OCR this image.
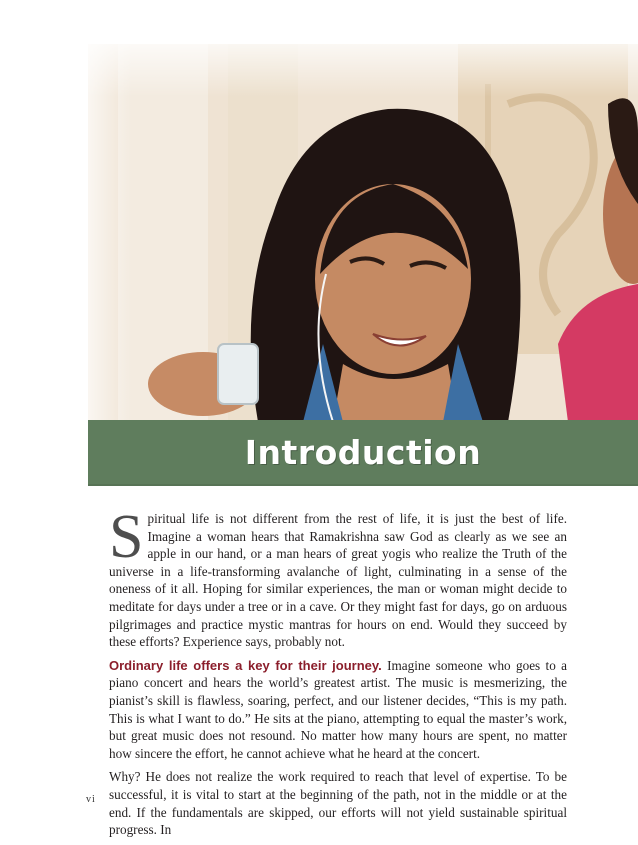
Introduction

Spiritual life is not different from the rest of life, it is just the best of life. Imagine a woman hears that Ramakrishna saw God as clearly as we see an apple in our hand, or a man hears of great yogis who realize the Truth of the universe in a life-transforming avalanche of light, culminating in a sense of the oneness of it all. Hoping for similar experiences, the man or woman might decide to meditate for days under a tree or in a cave. Or they might fast for days, go on arduous pilgrimages and practice mystic mantras for hours on end. Would they succeed by these efforts? Experience says, probably not.

Ordinary life offers a key for their journey. Imagine someone who goes to a piano concert and hears the world’s greatest artist. The music is mesmerizing, the pianist’s skill is flawless, soaring, perfect, and our listener decides, “This is my path. This is what I want to do.” He sits at the piano, attempting to equal the master’s work, but great music does not resound. No matter how many hours are spent, no matter how sincere the effort, he cannot achieve what he heard at the concert.

Why? He does not realize the work required to reach that level of expertise. To be successful, it is vital to start at the beginning of the path, not in the middle or at the end. If the fundamentals are skipped, our efforts will not yield sustainable spiritual progress. In

vi
